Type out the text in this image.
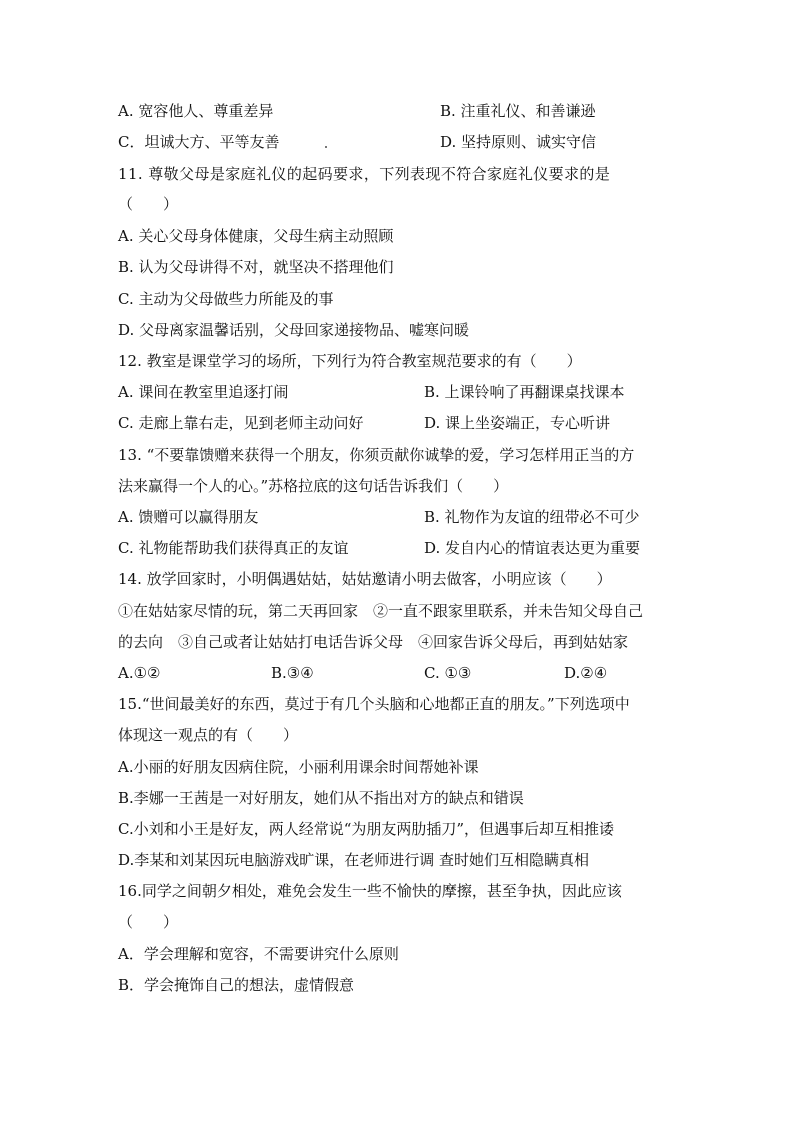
A. 宽容他人、尊重差异	B. 注重礼仪、和善谦逊
C．坦诚大方、平等友善	D. 坚持原则、诚实守信
11. 尊敬父母是家庭礼仪的起码要求，下列表现不符合家庭礼仪要求的是
（　　）
A. 关心父母身体健康，父母生病主动照顾
B. 认为父母讲得不对，就坚决不搭理他们
C. 主动为父母做些力所能及的事
D. 父母离家温馨话别，父母回家递接物品、嘘寒问暖
12. 教室是课堂学习的场所，下列行为符合教室规范要求的有（　　）
A. 课间在教室里追逐打闹	B. 上课铃响了再翻课桌找课本
C. 走廊上靠右走，见到老师主动问好	D. 课上坐姿端正，专心听讲
13. “不要靠馈赠来获得一个朋友，你须贡献你诚挚的爱，学习怎样用正当的方
法来赢得一个人的心。”苏格拉底的这句话告诉我们（　　）
A. 馈赠可以赢得朋友	B. 礼物作为友谊的纽带必不可少
C. 礼物能帮助我们获得真正的友谊	D. 发自内心的情谊表达更为重要
14. 放学回家时，小明偶遇姑姑，姑姑邀请小明去做客，小明应该（　　）
①在姑姑家尽情的玩，第二天再回家　②一直不跟家里联系，并未告知父母自己
的去向　③自己或者让姑姑打电话告诉父母　④回家告诉父母后，再到姑姑家
A.①②	B.③④	C. ①③	D.②④
15.“世间最美好的东西，莫过于有几个头脑和心地都正直的朋友。”下列选项中
体现这一观点的有（　　）
A.小丽的好朋友因病住院，小丽利用课余时间帮她补课
B.李娜一王茜是一对好朋友，她们从不指出对方的缺点和错误
C.小刘和小王是好友，两人经常说“为朋友两肋插刀”，但遇事后却互相推诿
D.李某和刘某因玩电脑游戏旷课，在老师进行调 查时她们互相隐瞒真相
16.同学之间朝夕相处，难免会发生一些不愉快的摩擦，甚至争执，因此应该
（　　）
A．学会理解和宽容，不需要讲究什么原则
B．学会掩饰自己的想法，虚情假意
